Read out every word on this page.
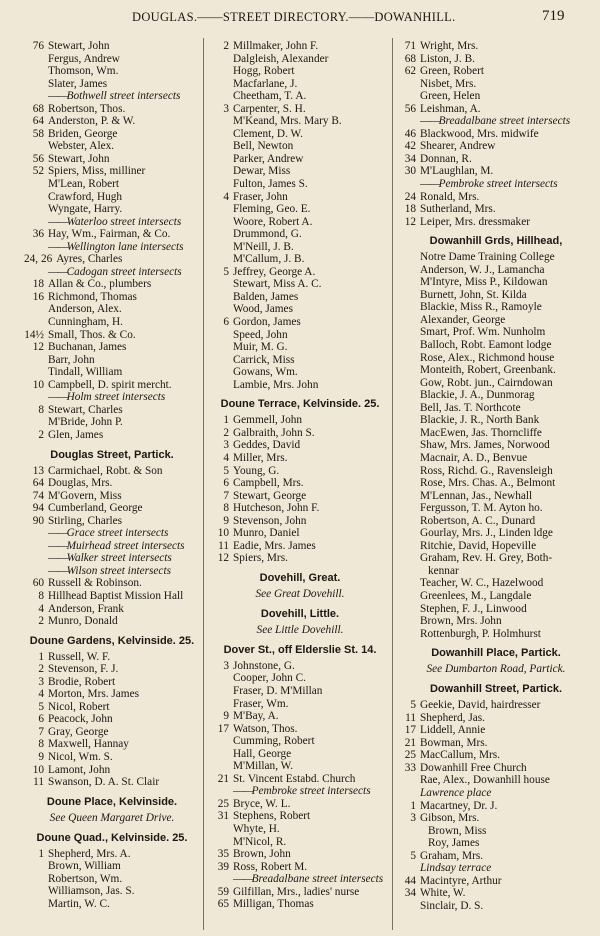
DOUGLAS.——STREET DIRECTORY.——DOWANHILL.	719
76 Stewart, John
Fergus, Andrew
Thomson, Wm.
Slater, James
—— Bothwell street intersects
68 Robertson, Thos.
64 Anderston, P. & W.
58 Briden, George
Webster, Alex.
56 Stewart, John
52 Spiers, Miss, milliner
M'Lean, Robert
Crawford, Hugh
Wyngate, Harry.
—— Waterloo street intersects
36 Hay, Wm., Fairman, & Co.
—— Wellington lane intersects
24, 26 Ayres, Charles
—— Cadogan street intersects
18 Allan & Co., plumbers
16 Richmond, Thomas
Anderson, Alex.
Cunningham, H.
14½ Small, Thos. & Co.
12 Buchanan, James
Barr, John
Tindall, William
10 Campbell, D. spirit mercht.
—— Holm street intersects
8 Stewart, Charles
M'Bride, John P.
2 Glen, James
Douglas Street, Partick.
13 Carmichael, Robt. & Son
64 Douglas, Mrs.
74 M'Govern, Miss
94 Cumberland, George
90 Stirling, Charles
—— Grace street intersects
—— Muirhead street intersects
—— Walker street intersects
—— Wilson street intersects
60 Russell & Robinson.
8 Hillhead Baptist Mission Hall
4 Anderson, Frank
2 Munro, Donald
Doune Gardens, Kelvinside. 25.
1 Russell, W. F.
2 Stevenson, F. J.
3 Brodie, Robert
4 Morton, Mrs. James
5 Nicol, Robert
6 Peacock, John
7 Gray, George
8 Maxwell, Hannay
9 Nicol, Wm. S.
10 Lamont, John
11 Swanson, D. A. St. Clair
Doune Place, Kelvinside.
See Queen Margaret Drive.
Doune Quad., Kelvinside. 25.
1 Shepherd, Mrs. A.
Brown, William
Robertson, Wm.
Williamson, Jas. S.
Martin, W. C.
2 Millmaker, John F.
Dalgleish, Alexander
Hogg, Robert
Macfarlane, J.
Cheetham, T. A.
3 Carpenter, S. H.
M'Keand, Mrs. Mary B.
Clement, D. W.
Bell, Newton
Parker, Andrew
Dewar, Miss
Fulton, James S.
4 Fraser, John
Fleming, Geo. E.
Woore, Robert A.
Drummond, G.
M'Neill, J. B.
M'Callum, J. B.
5 Jeffrey, George A.
Stewart, Miss A. C.
Balden, James
Wood, James
6 Gordon, James
Speed, John
Muir, M. G.
Carrick, Miss
Gowans, Wm.
Lambie, Mrs. John
Doune Terrace, Kelvinside. 25.
1 Gemmell, John
2 Galbraith, John S.
3 Geddes, David
4 Miller, Mrs.
5 Young, G.
6 Campbell, Mrs.
7 Stewart, George
8 Hutcheson, John F.
9 Stevenson, John
10 Munro, Daniel
11 Eadie, Mrs. James
12 Spiers, Mrs.
Dovehill, Great.
See Great Dovehill.
Dovehill, Little.
See Little Dovehill.
Dover St., off Elderslie St. 14.
3 Johnstone, G.
Cooper, John C.
Fraser, D. M'Millan
Fraser, Wm.
9 M'Bay, A.
17 Watson, Thos.
Cumming, Robert
Hall, George
M'Millan, W.
21 St. Vincent Estabd. Church
—— Pembroke street intersects
25 Bryce, W. L.
31 Stephens, Robert
Whyte, H.
M'Nicol, R.
35 Brown, John
39 Ross, Robert M.
—— Breadalbane street intersects
59 Gilfillan, Mrs., ladies' nurse
65 Milligan, Thomas
71 Wright, Mrs.
68 Liston, J. B.
62 Green, Robert
Nisbet, Mrs.
Green, Helen
56 Leishman, A.
—— Breadalbane street intersects
46 Blackwood, Mrs. midwife
42 Shearer, Andrew
34 Donnan, R.
30 M'Laughlan, M.
—— Pembroke street intersects
24 Ronald, Mrs.
18 Sutherland, Mrs.
12 Leiper, Mrs. dressmaker
Dowanhill Grds, Hillhead,
Notre Dame Training College
Anderson, W. J., Lamancha
M'Intyre, Miss P., Kildowan
Burnett, John, St. Kilda
Blackie, Miss R., Ramoyle
Alexander, George
Smart, Prof. Wm. Nunholm
Balloch, Robt. Eamont lodge
Rose, Alex., Richmond house
Monteith, Robert, Greenbank.
Gow, Robt. jun., Cairndowan
Blackie, J. A., Dunmorag
Bell, Jas. T. Northcote
Blackie, J. R., North Bank
MacEwen, Jas. Thorncliffe
Shaw, Mrs. James, Norwood
Macnair, A. D., Benvue
Ross, Richd. G., Ravensleigh
Rose, Mrs. Chas. A., Belmont
M'Lennan, Jas., Newhall
Fergusson, T. M. Ayton ho.
Robertson, A. C., Dunard
Gourlay, Mrs. J., Linden ldge
Ritchie, David, Hopeville
Graham, Rev. H. Grey, Both-
kennar
Teacher, W. C., Hazelwood
Greenlees, M., Langdale
Stephen, F. J., Linwood
Brown, Mrs. John
Rottenburgh, P. Holmhurst
Dowanhill Place, Partick.
See Dumbarton Road, Partick.
Dowanhill Street, Partick.
5 Geekie, David, hairdresser
11 Shepherd, Jas.
17 Liddell, Annie
21 Bowman, Mrs.
25 MacCallum, Mrs.
33 Dowanhill Free Church
Rae, Alex., Dowanhill house
Lawrence place
1 Macartney, Dr. J.
3 Gibson, Mrs.
Brown, Miss
Roy, James
5 Graham, Mrs.
Lindsay terrace
44 Macintyre, Arthur
34 White, W.
Sinclair, D. S.
